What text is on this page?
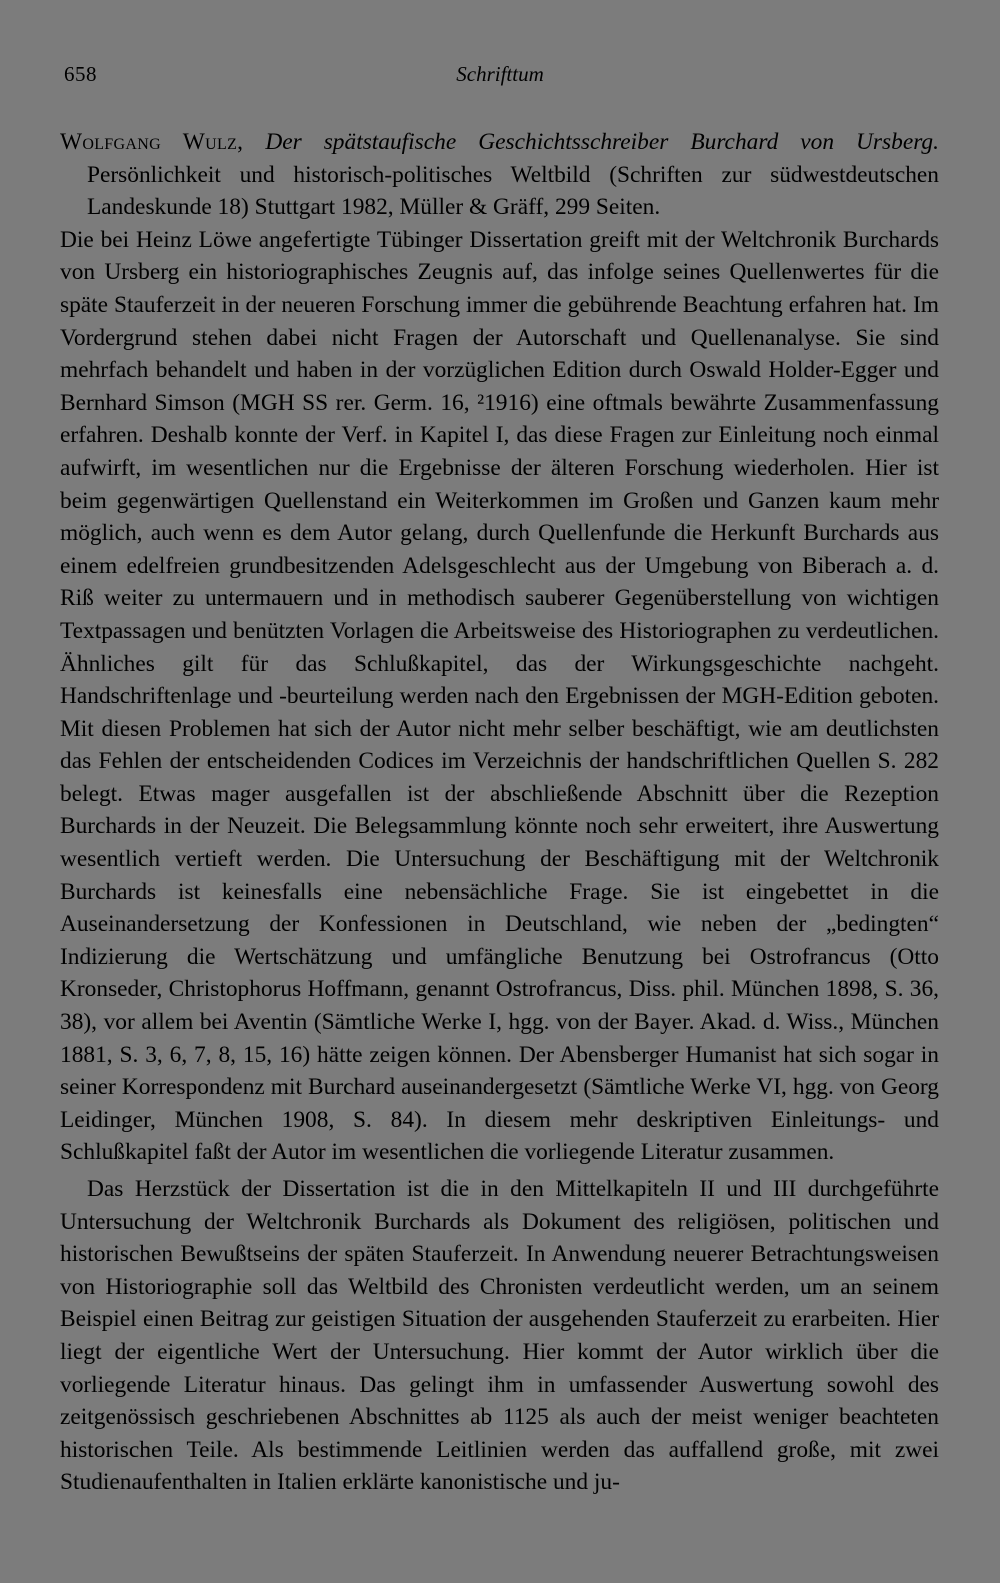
658	Schrifttum

Wolfgang Wulz, Der spätstaufische Geschichtsschreiber Burchard von Ursberg. Persönlichkeit und historisch-politisches Weltbild (Schriften zur südwestdeutschen Landeskunde 18) Stuttgart 1982, Müller & Gräff, 299 Seiten.

Die bei Heinz Löwe angefertigte Tübinger Dissertation greift mit der Weltchronik Burchards von Ursberg ein historiographisches Zeugnis auf, das infolge seines Quellenwertes für die späte Stauferzeit in der neueren Forschung immer die gebührende Beachtung erfahren hat. Im Vordergrund stehen dabei nicht Fragen der Autorschaft und Quellenanalyse. Sie sind mehrfach behandelt und haben in der vorzüglichen Edition durch Oswald Holder-Egger und Bernhard Simson (MGH SS rer. Germ. 16, ²1916) eine oftmals bewährte Zusammenfassung erfahren. Deshalb konnte der Verf. in Kapitel I, das diese Fragen zur Einleitung noch einmal aufwirft, im wesentlichen nur die Ergebnisse der älteren Forschung wiederholen. Hier ist beim gegenwärtigen Quellenstand ein Weiterkommen im Großen und Ganzen kaum mehr möglich, auch wenn es dem Autor gelang, durch Quellenfunde die Herkunft Burchards aus einem edelfreien grundbesitzenden Adelsgeschlecht aus der Umgebung von Biberach a. d. Riß weiter zu untermauern und in methodisch sauberer Gegenüberstellung von wichtigen Textpassagen und benützten Vorlagen die Arbeitsweise des Historiographen zu verdeutlichen. Ähnliches gilt für das Schlußkapitel, das der Wirkungsgeschichte nachgeht. Handschriftenlage und -beurteilung werden nach den Ergebnissen der MGH-Edition geboten. Mit diesen Problemen hat sich der Autor nicht mehr selber beschäftigt, wie am deutlichsten das Fehlen der entscheidenden Codices im Verzeichnis der handschriftlichen Quellen S. 282 belegt. Etwas mager ausgefallen ist der abschließende Abschnitt über die Rezeption Burchards in der Neuzeit. Die Belegsammlung könnte noch sehr erweitert, ihre Auswertung wesentlich vertieft werden. Die Untersuchung der Beschäftigung mit der Weltchronik Burchards ist keinesfalls eine nebensächliche Frage. Sie ist eingebettet in die Auseinandersetzung der Konfessionen in Deutschland, wie neben der „bedingten“ Indizierung die Wertschätzung und umfängliche Benutzung bei Ostrofrancus (Otto Kronseder, Christophorus Hoffmann, genannt Ostrofrancus, Diss. phil. München 1898, S. 36, 38), vor allem bei Aventin (Sämtliche Werke I, hgg. von der Bayer. Akad. d. Wiss., München 1881, S. 3, 6, 7, 8, 15, 16) hätte zeigen können. Der Abensberger Humanist hat sich sogar in seiner Korrespondenz mit Burchard auseinandergesetzt (Sämtliche Werke VI, hgg. von Georg Leidinger, München 1908, S. 84). In diesem mehr deskriptiven Einleitungs- und Schlußkapitel faßt der Autor im wesentlichen die vorliegende Literatur zusammen.

Das Herzstück der Dissertation ist die in den Mittelkapiteln II und III durchgeführte Untersuchung der Weltchronik Burchards als Dokument des religiösen, politischen und historischen Bewußtseins der späten Stauferzeit. In Anwendung neuerer Betrachtungsweisen von Historiographie soll das Weltbild des Chronisten verdeutlicht werden, um an seinem Beispiel einen Beitrag zur geistigen Situation der ausgehenden Stauferzeit zu erarbeiten. Hier liegt der eigentliche Wert der Untersuchung. Hier kommt der Autor wirklich über die vorliegende Literatur hinaus. Das gelingt ihm in umfassender Auswertung sowohl des zeitgenössisch geschriebenen Abschnittes ab 1125 als auch der meist weniger beachteten historischen Teile. Als bestimmende Leitlinien werden das auffallend große, mit zwei Studienaufenthalten in Italien erklärte kanonistische und ju-
